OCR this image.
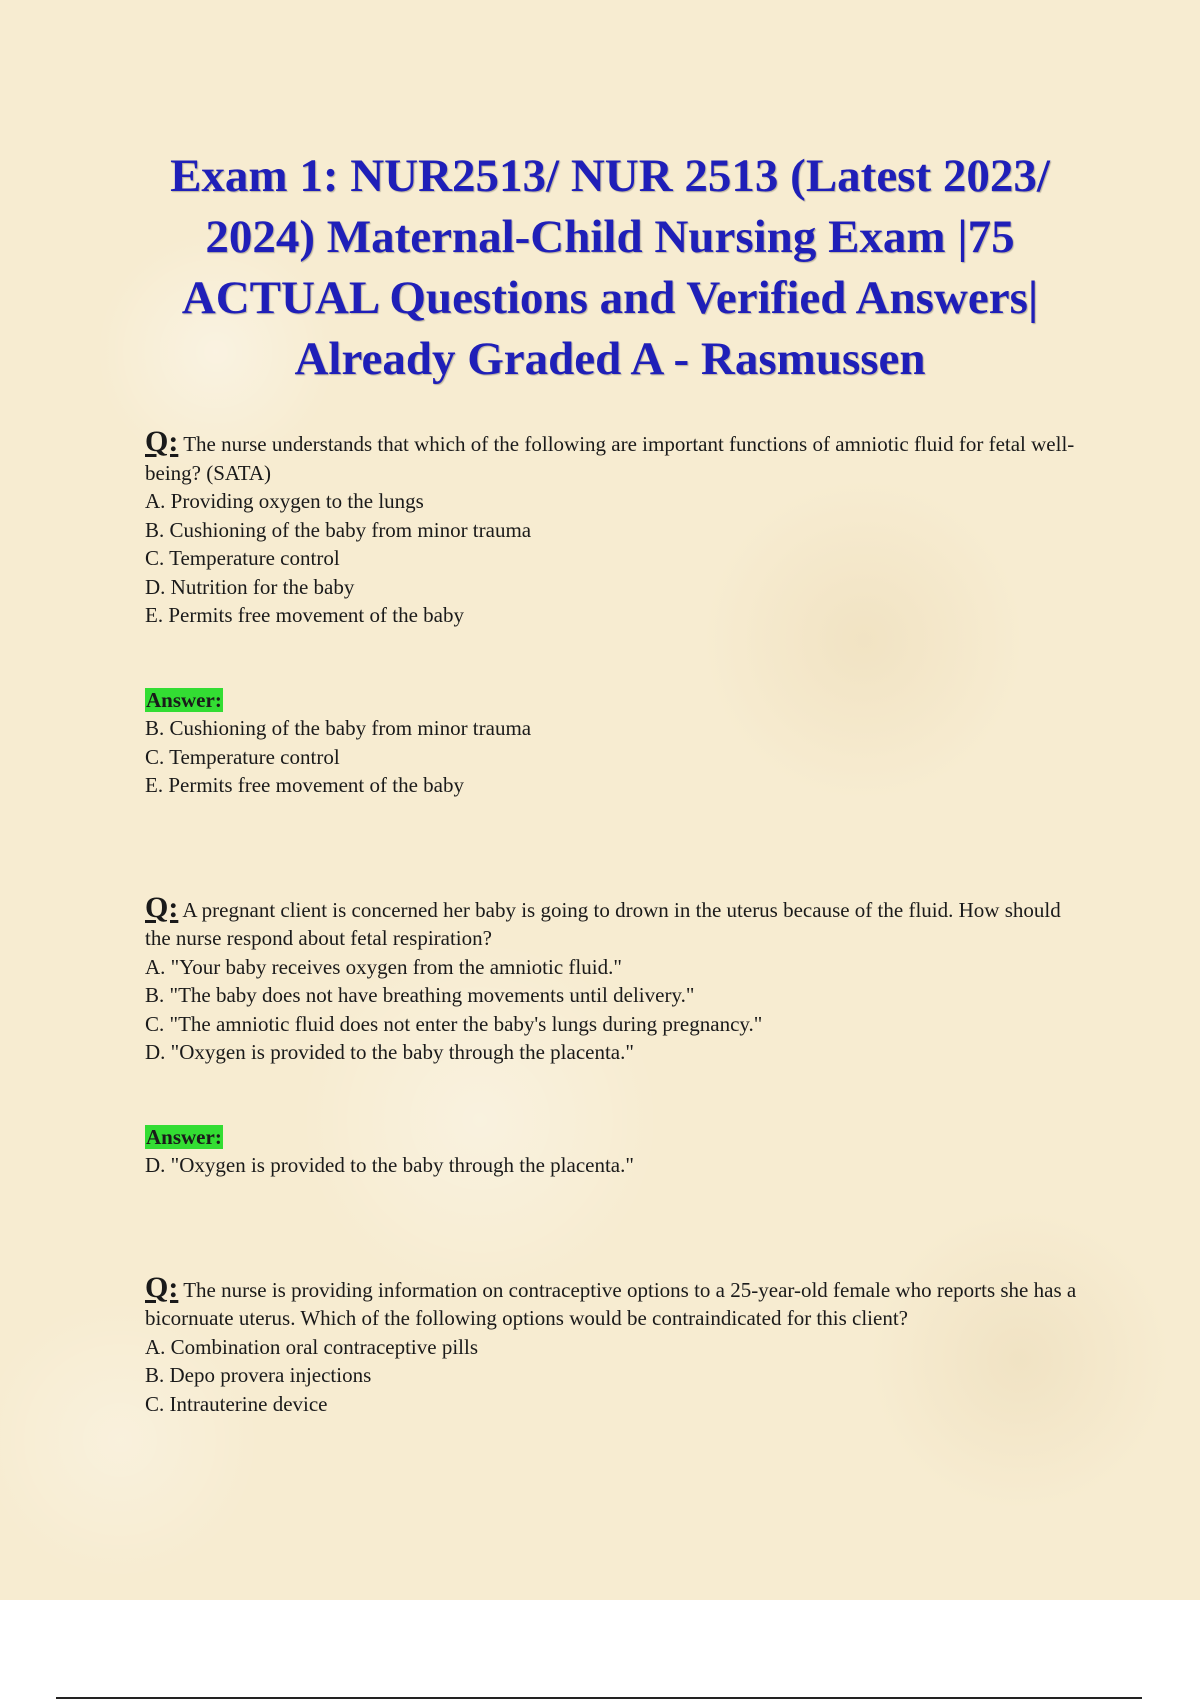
Exam 1: NUR2513/ NUR 2513 (Latest 2023/ 2024) Maternal-Child Nursing Exam |75 ACTUAL Questions and Verified Answers| Already Graded A - Rasmussen
Q: The nurse understands that which of the following are important functions of amniotic fluid for fetal well-being? (SATA)
A. Providing oxygen to the lungs
B. Cushioning of the baby from minor trauma
C. Temperature control
D. Nutrition for the baby
E. Permits free movement of the baby
Answer:
B. Cushioning of the baby from minor trauma
C. Temperature control
E. Permits free movement of the baby
Q: A pregnant client is concerned her baby is going to drown in the uterus because of the fluid. How should the nurse respond about fetal respiration?
A. "Your baby receives oxygen from the amniotic fluid."
B. "The baby does not have breathing movements until delivery."
C. "The amniotic fluid does not enter the baby's lungs during pregnancy."
D. "Oxygen is provided to the baby through the placenta."
Answer:
D. "Oxygen is provided to the baby through the placenta."
Q: The nurse is providing information on contraceptive options to a 25-year-old female who reports she has a bicornuate uterus. Which of the following options would be contraindicated for this client?
A. Combination oral contraceptive pills
B. Depo provera injections
C. Intrauterine device
